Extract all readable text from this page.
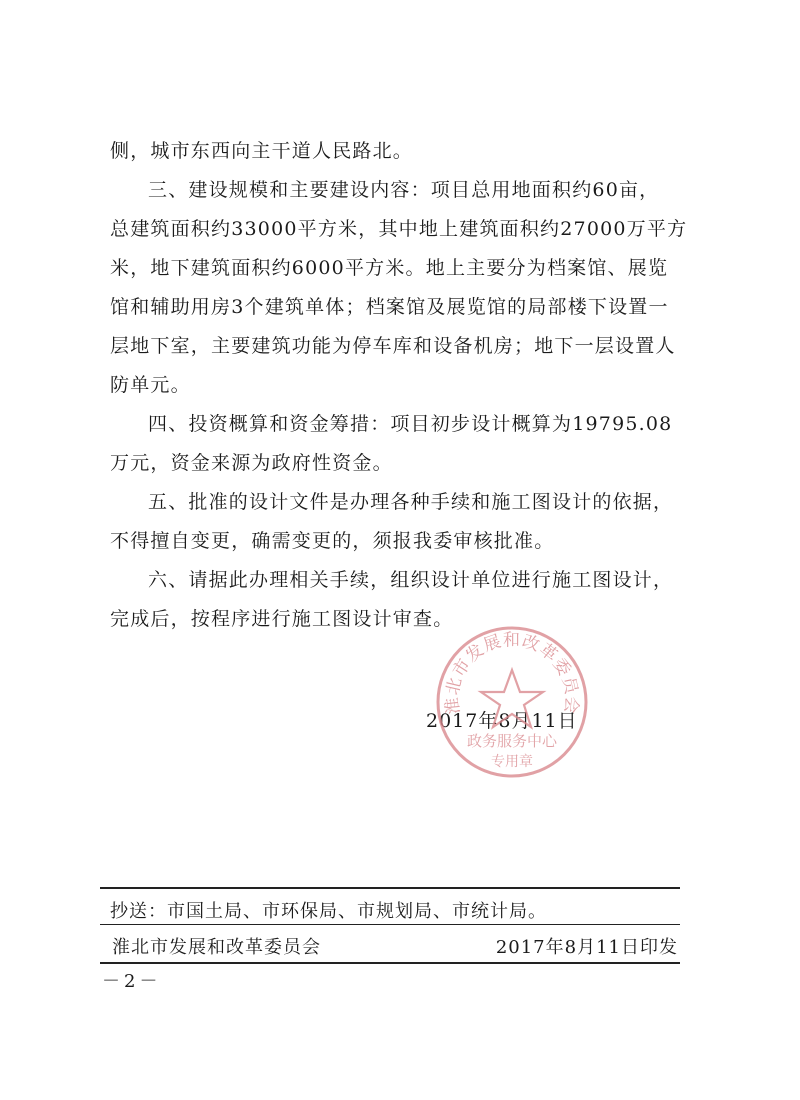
侧，城市东西向主干道人民路北。
三、建设规模和主要建设内容：项目总用地面积约60亩，
总建筑面积约33000平方米，其中地上建筑面积约27000万平方
米，地下建筑面积约6000平方米。地上主要分为档案馆、展览
馆和辅助用房3个建筑单体；档案馆及展览馆的局部楼下设置一
层地下室，主要建筑功能为停车库和设备机房；地下一层设置人
防单元。
四、投资概算和资金筹措：项目初步设计概算为19795.08
万元，资金来源为政府性资金。
五、批准的设计文件是办理各种手续和施工图设计的依据，
不得擅自变更，确需变更的，须报我委审核批准。
六、请据此办理相关手续，组织设计单位进行施工图设计，
完成后，按程序进行施工图设计审查。
2017年8月11日
淮北市发展和改革委员会
政务服务中心
专用章
抄送：市国土局、市环保局、市规划局、市统计局。
淮北市发展和改革委员会	2017年8月11日印发
－2－
